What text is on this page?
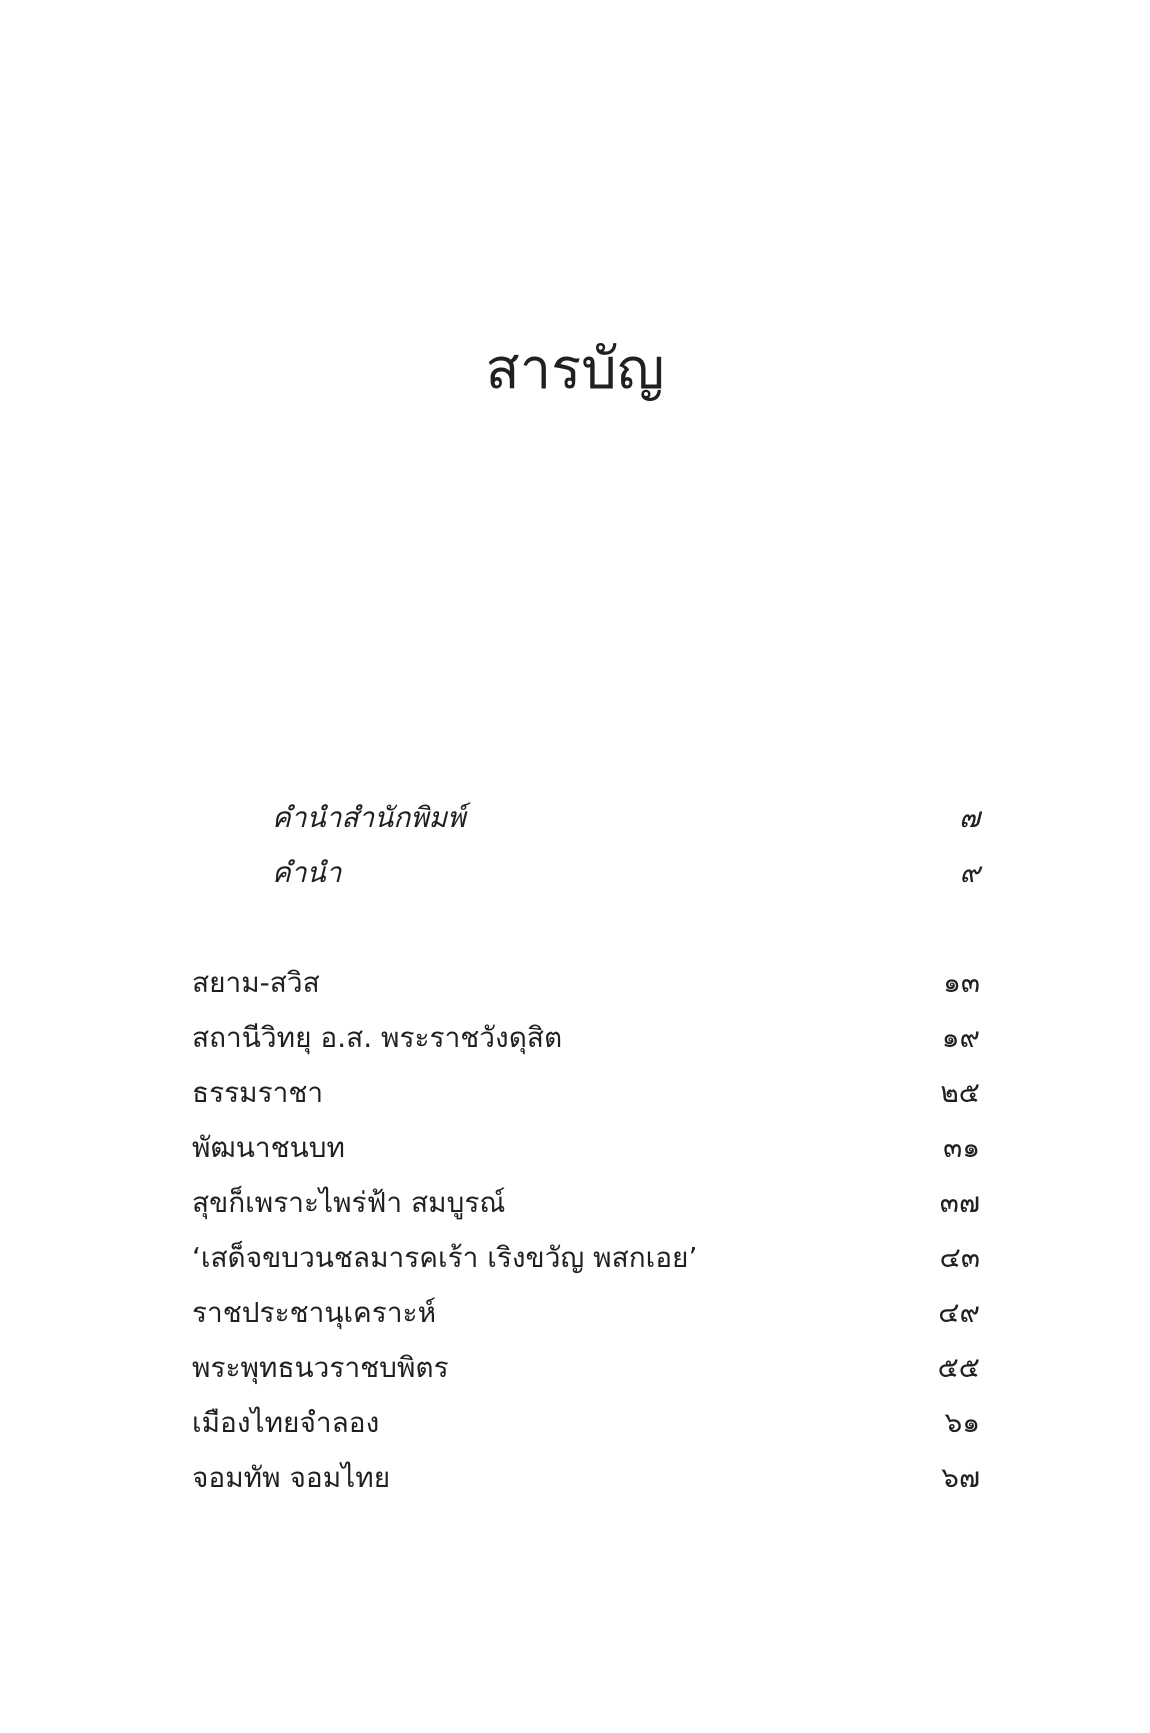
สารบัญ
คำนำสำนักพิมพ์	๗
คำนำ	๙
สยาม-สวิส	๑๓
สถานีวิทยุ อ.ส. พระราชวังดุสิต	๑๙
ธรรมราชา	๒๕
พัฒนาชนบท	๓๑
สุขก็เพราะไพร่ฟ้า สมบูรณ์	๓๗
‘เสด็จขบวนชลมารคเร้า เริงขวัญ พสกเอย’	๔๓
ราชประชานุเคราะห์	๔๙
พระพุทธนวราชบพิตร	๕๕
เมืองไทยจำลอง	๖๑
จอมทัพ จอมไทย	๖๗
